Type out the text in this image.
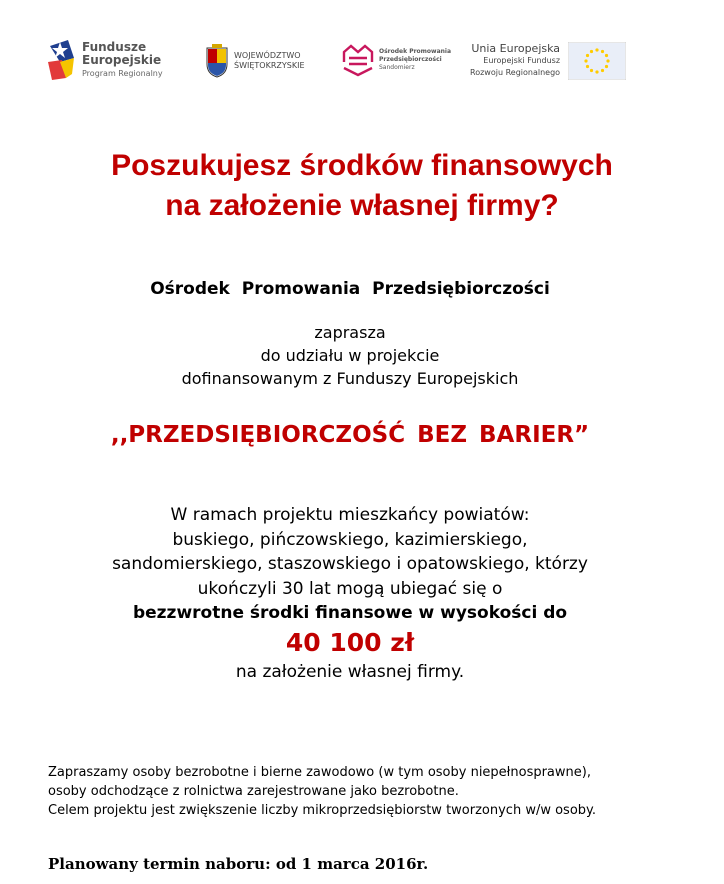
Fundusze
Europejskie
Program Regionalny
WOJEWÓDZTWO
ŚWIĘTOKRZYSKIE
Ośrodek Promowania
Przedsiębiorczości
Sandomierz
Unia Europejska
Europejski Fundusz
Rozwoju Regionalnego
Poszukujesz środków finansowych
na założenie własnej firmy?
Ośrodek Promowania Przedsiębiorczości
zaprasza
do udziału w projekcie
dofinansowanym z Funduszy Europejskich
,,PRZEDSIĘBIORCZOŚĆ BEZ BARIER”
W ramach projektu mieszkańcy powiatów:
buskiego, pińczowskiego, kazimierskiego,
sandomierskiego, staszowskiego i opatowskiego, którzy
ukończyli 30 lat mogą ubiegać się o
bezzwrotne środki finansowe w wysokości do
40 100 zł
na założenie własnej firmy.
Zapraszamy osoby bezrobotne i bierne zawodowo (w tym osoby niepełnosprawne),
osoby odchodzące z rolnictwa zarejestrowane jako bezrobotne.
Celem projektu jest zwiększenie liczby mikroprzedsiębiorstw tworzonych w/w osoby.
Planowany termin naboru: od 1 marca 2016r.
